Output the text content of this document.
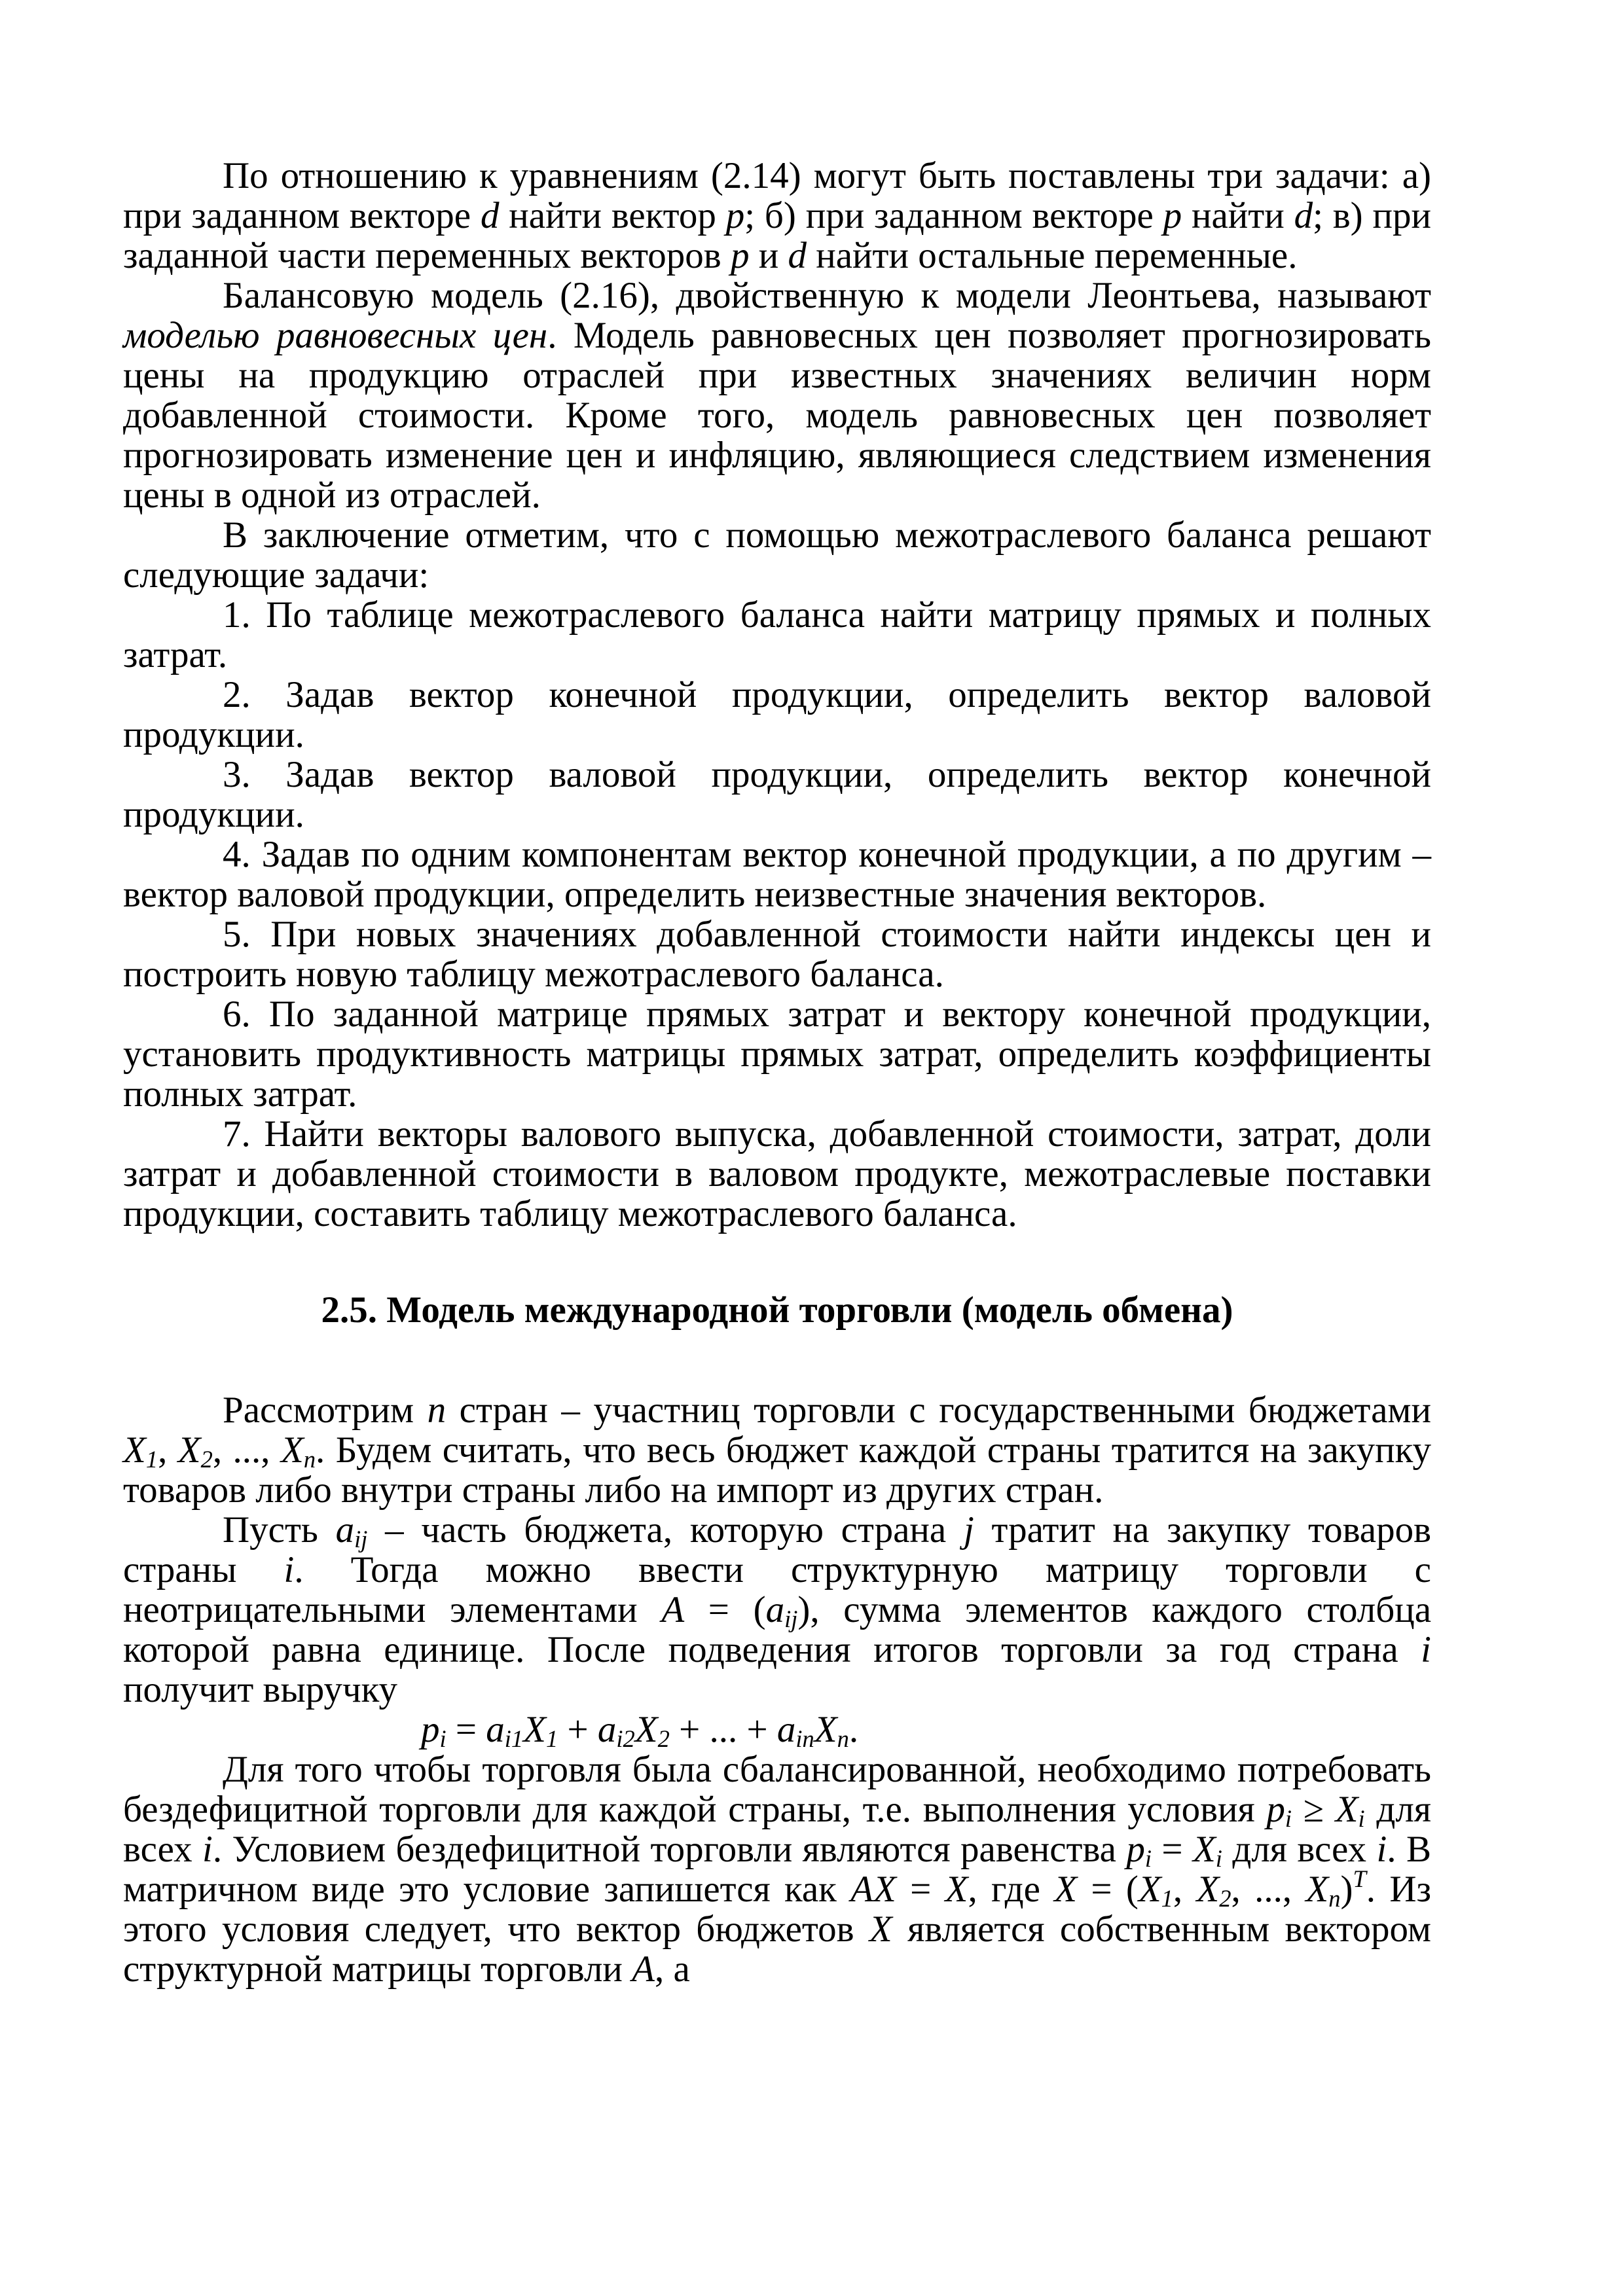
По отношению к уравнениям (2.14) могут быть поставлены три задачи: а) при заданном векторе d найти вектор p; б) при заданном векторе p найти d; в) при заданной части переменных векторов p и d найти остальные переменные.

Балансовую модель (2.16), двойственную к модели Леонтьева, называют моделью равновесных цен. Модель равновесных цен позволяет прогнозировать цены на продукцию отраслей при известных значениях величин норм добавленной стоимости. Кроме того, модель равновесных цен позволяет прогнозировать изменение цен и инфляцию, являющиеся следствием изменения цены в одной из отраслей.

В заключение отметим, что с помощью межотраслевого баланса решают следующие задачи:

1. По таблице межотраслевого баланса найти матрицу прямых и полных затрат.

2. Задав вектор конечной продукции, определить вектор валовой продукции.

3. Задав вектор валовой продукции, определить вектор конечной продукции.

4. Задав по одним компонентам вектор конечной продукции, а по другим – вектор валовой продукции, определить неизвестные значения векторов.

5. При новых значениях добавленной стоимости найти индексы цен и построить новую таблицу межотраслевого баланса.

6. По заданной матрице прямых затрат и вектору конечной продукции, установить продуктивность матрицы прямых затрат, определить коэффициенты полных затрат.

7. Найти векторы валового выпуска, добавленной стоимости, затрат, доли затрат и добавленной стоимости в валовом продукте, межотраслевые поставки продукции, составить таблицу межотраслевого баланса.

2.5. Модель международной торговли (модель обмена)

Рассмотрим n стран – участниц торговли с государственными бюджетами $X_1$, $X_2$, ..., $X_n$. Будем считать, что весь бюджет каждой страны тратится на закупку товаров либо внутри страны либо на импорт из других стран.

Пусть $a_{ij}$ – часть бюджета, которую страна j тратит на закупку товаров страны i. Тогда можно ввести структурную матрицу торговли с неотрицательными элементами $A = (a_{ij})$, сумма элементов каждого столбца которой равна единице. После подведения итогов торговли за год страна i получит выручку

$p_i = a_{i1}X_1 + a_{i2}X_2$ + ... + $a_{in}X_n$.

Для того чтобы торговля была сбалансированной, необходимо потребовать бездефицитной торговли для каждой страны, т.е. выполнения условия $p_i \ge X_i$ для всех i. Условием бездефицитной торговли являются равенства $p_i = X_i$ для всех i. В матричном виде это условие запишется как AX = X, где $X = (X_1$, $X_2$, ..., $X_n)^T$. Из этого условия следует, что вектор бюджетов X является собственным вектором структурной матрицы торговли A, а
